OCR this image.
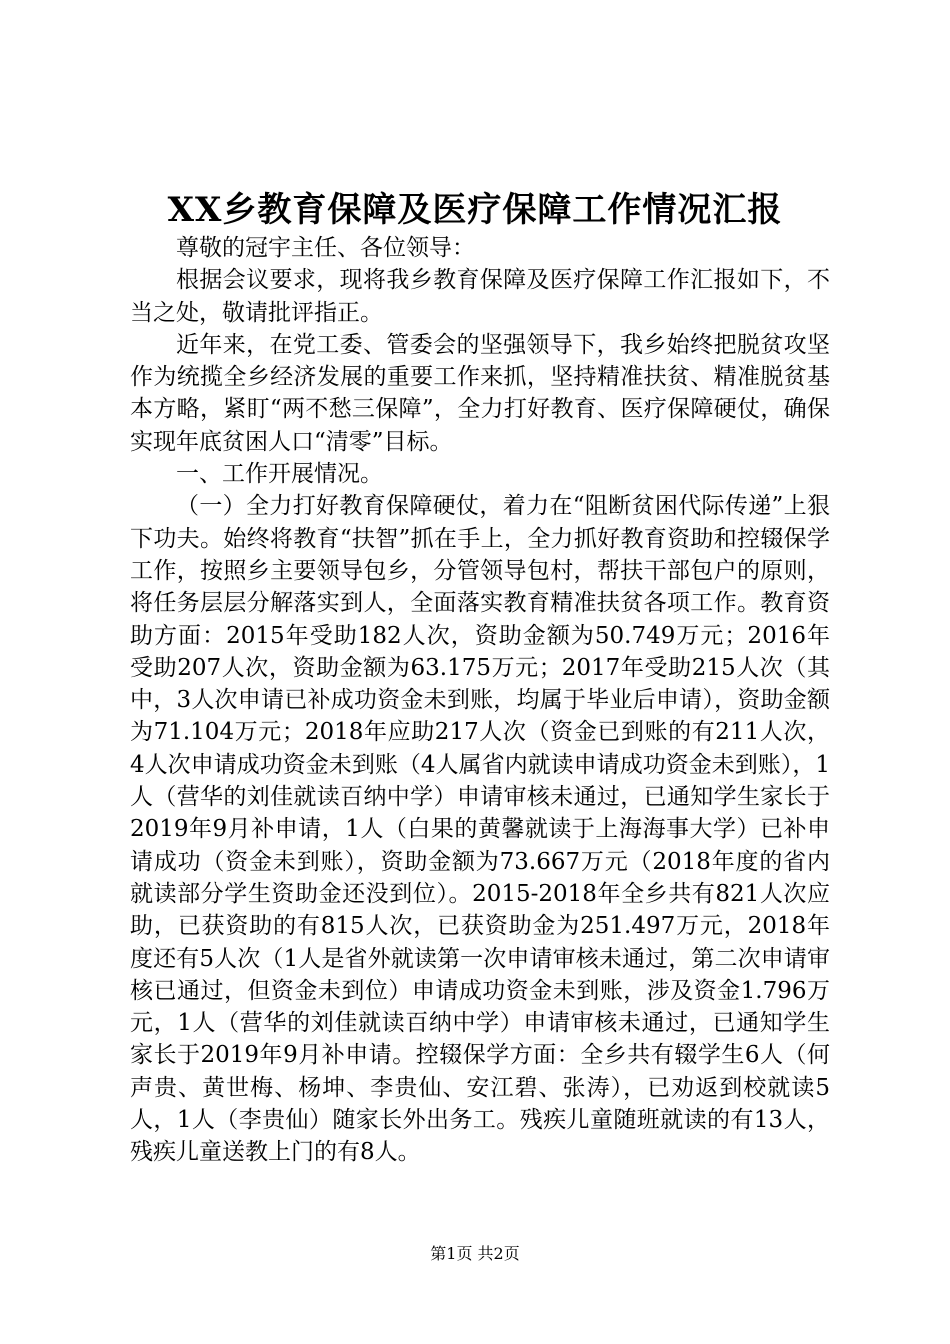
XX乡教育保障及医疗保障工作情况汇报

尊敬的冠宇主任、各位领导：

根据会议要求，现将我乡教育保障及医疗保障工作汇报如下，不当之处，敬请批评指正。

近年来，在党工委、管委会的坚强领导下，我乡始终把脱贫攻坚作为统揽全乡经济发展的重要工作来抓，坚持精准扶贫、精准脱贫基本方略，紧盯“两不愁三保障”，全力打好教育、医疗保障硬仗，确保实现年底贫困人口“清零”目标。

一、工作开展情况。

（一）全力打好教育保障硬仗，着力在“阻断贫困代际传递”上狠下功夫。始终将教育“扶智”抓在手上，全力抓好教育资助和控辍保学工作，按照乡主要领导包乡，分管领导包村，帮扶干部包户的原则，将任务层层分解落实到人，全面落实教育精准扶贫各项工作。教育资助方面：2015年受助182人次，资助金额为50.749万元；2016年受助207人次，资助金额为63.175万元；2017年受助215人次（其中，3人次申请已补成功资金未到账，均属于毕业后申请），资助金额为71.104万元；2018年应助217人次（资金已到账的有211人次，4人次申请成功资金未到账（4人属省内就读申请成功资金未到账），1人（营华的刘佳就读百纳中学）申请审核未通过，已通知学生家长于2019年9月补申请，1人（白果的黄馨就读于上海海事大学）已补申请成功（资金未到账），资助金额为73.667万元（2018年度的省内就读部分学生资助金还没到位）。2015-2018年全乡共有821人次应助，已获资助的有815人次，已获资助金为251.497万元，2018年度还有5人次（1人是省外就读第一次申请审核未通过，第二次申请审核已通过，但资金未到位）申请成功资金未到账，涉及资金1.796万元，1人（营华的刘佳就读百纳中学）申请审核未通过，已通知学生家长于2019年9月补申请。控辍保学方面：全乡共有辍学生6人（何声贵、黄世梅、杨坤、李贵仙、安江碧、张涛），已劝返到校就读5人，1人（李贵仙）随家长外出务工。残疾儿童随班就读的有13人，残疾儿童送教上门的有8人。

第1页 共2页
